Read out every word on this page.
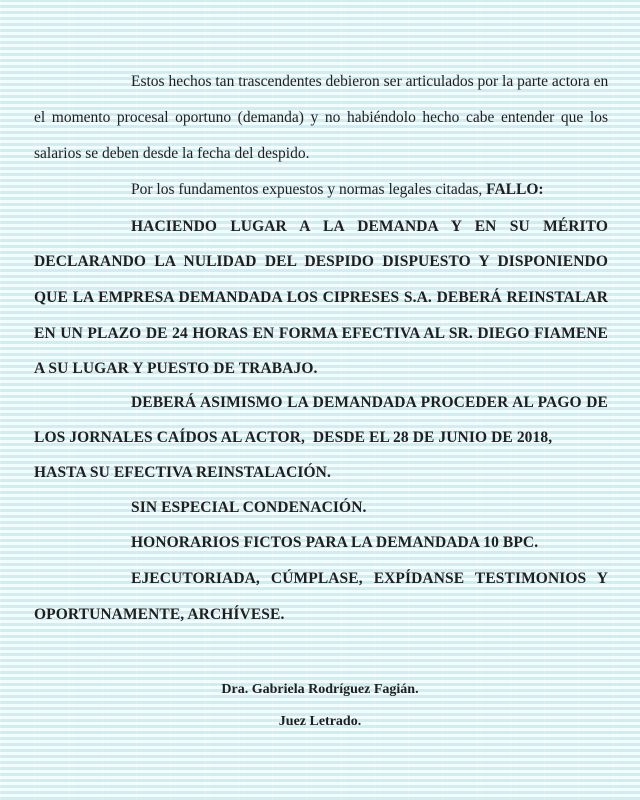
Estos hechos tan trascendentes debieron ser articulados por la parte actora en
el momento procesal oportuno (demanda) y no habiéndolo hecho cabe entender que los
salarios se deben desde la fecha del despido.
Por los fundamentos expuestos y normas legales citadas, FALLO:
HACIENDO LUGAR A LA DEMANDA Y EN SU MÉRITO
DECLARANDO LA NULIDAD DEL DESPIDO DISPUESTO Y DISPONIENDO
QUE LA EMPRESA DEMANDADA LOS CIPRESES S.A. DEBERÁ REINSTALAR
EN UN PLAZO DE 24 HORAS EN FORMA EFECTIVA AL SR. DIEGO FIAMENE
A SU LUGAR Y PUESTO DE TRABAJO.
DEBERÁ ASIMISMO LA DEMANDADA PROCEDER AL PAGO DE
LOS JORNALES CAÍDOS AL ACTOR,  DESDE EL 28 DE JUNIO DE 2018,
HASTA SU EFECTIVA REINSTALACIÓN.
SIN ESPECIAL CONDENACIÓN.
HONORARIOS FICTOS PARA LA DEMANDADA 10 BPC.
EJECUTORIADA, CÚMPLASE, EXPÍDANSE TESTIMONIOS Y
OPORTUNAMENTE, ARCHÍVESE.
Dra. Gabriela Rodríguez Fagián.
Juez Letrado.
